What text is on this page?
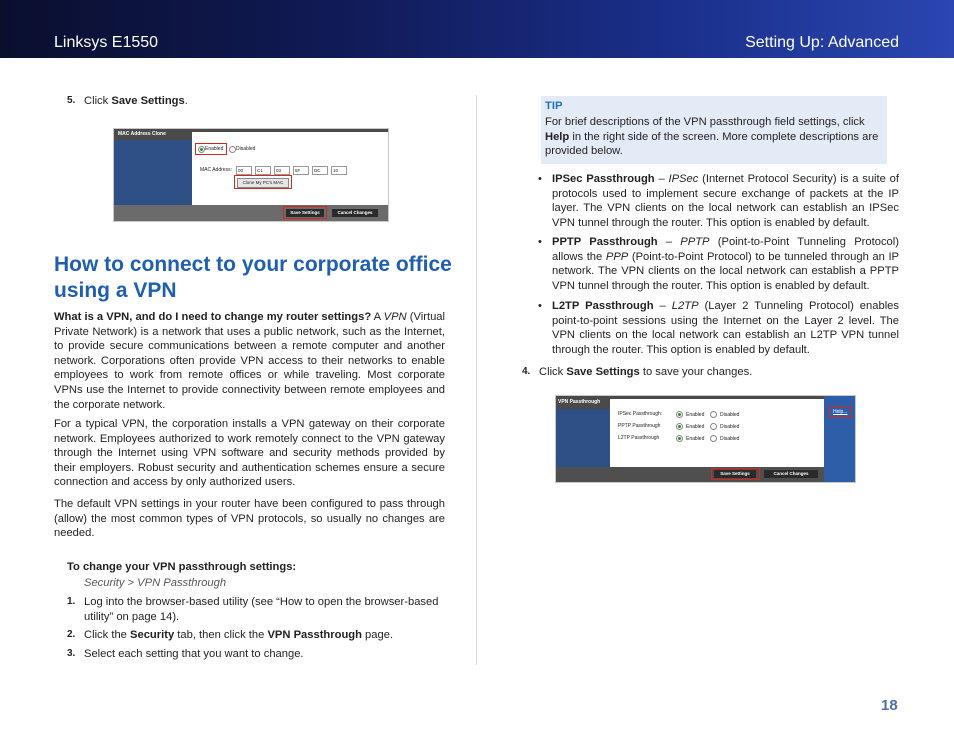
Linksys E1550	Setting Up: Advanced
5. Click Save Settings.
MAC Address Clone
Enabled	Disabled
MAC Address:	00	C1	03	5F	DC	10
Clone My PC's MAC
Save Settings	Cancel Changes
How to connect to your corporate office using a VPN
What is a VPN, and do I need to change my router settings? A VPN (Virtual Private Network) is a network that uses a public network, such as the Internet, to provide secure communications between a remote computer and another network. Corporations often provide VPN access to their networks to enable employees to work from remote offices or while traveling. Most corporate VPNs use the Internet to provide connectivity between remote employees and the corporate network.
For a typical VPN, the corporation installs a VPN gateway on their corporate network. Employees authorized to work remotely connect to the VPN gateway through the Internet using VPN software and security methods provided by their employers. Robust security and authentication schemes ensure a secure connection and access by only authorized users.
The default VPN settings in your router have been configured to pass through (allow) the most common types of VPN protocols, so usually no changes are needed.
To change your VPN passthrough settings:
Security > VPN Passthrough
1. Log into the browser-based utility (see “How to open the browser-based utility” on page 14).
2. Click the Security tab, then click the VPN Passthrough page.
3. Select each setting that you want to change.
TIP
For brief descriptions of the VPN passthrough field settings, click Help in the right side of the screen. More complete descriptions are provided below.
• IPSec Passthrough – IPSec (Internet Protocol Security) is a suite of protocols used to implement secure exchange of packets at the IP layer. The VPN clients on the local network can establish an IPSec VPN tunnel through the router. This option is enabled by default.
• PPTP Passthrough – PPTP (Point-to-Point Tunneling Protocol) allows the PPP (Point-to-Point Protocol) to be tunneled through an IP network. The VPN clients on the local network can establish a PPTP VPN tunnel through the router. This option is enabled by default.
• L2TP Passthrough – L2TP (Layer 2 Tunneling Protocol) enables point-to-point sessions using the Internet on the Layer 2 level. The VPN clients on the local network can establish an L2TP VPN tunnel through the router. This option is enabled by default.
4. Click Save Settings to save your changes.
VPN Passthrough
Help...
IPSec Passthrough:	Enabled	Disabled
PPTP Passthrough	Enabled	Disabled
L2TP Passthrough	Enabled	Disabled
Save Settings	Cancel Changes
18
